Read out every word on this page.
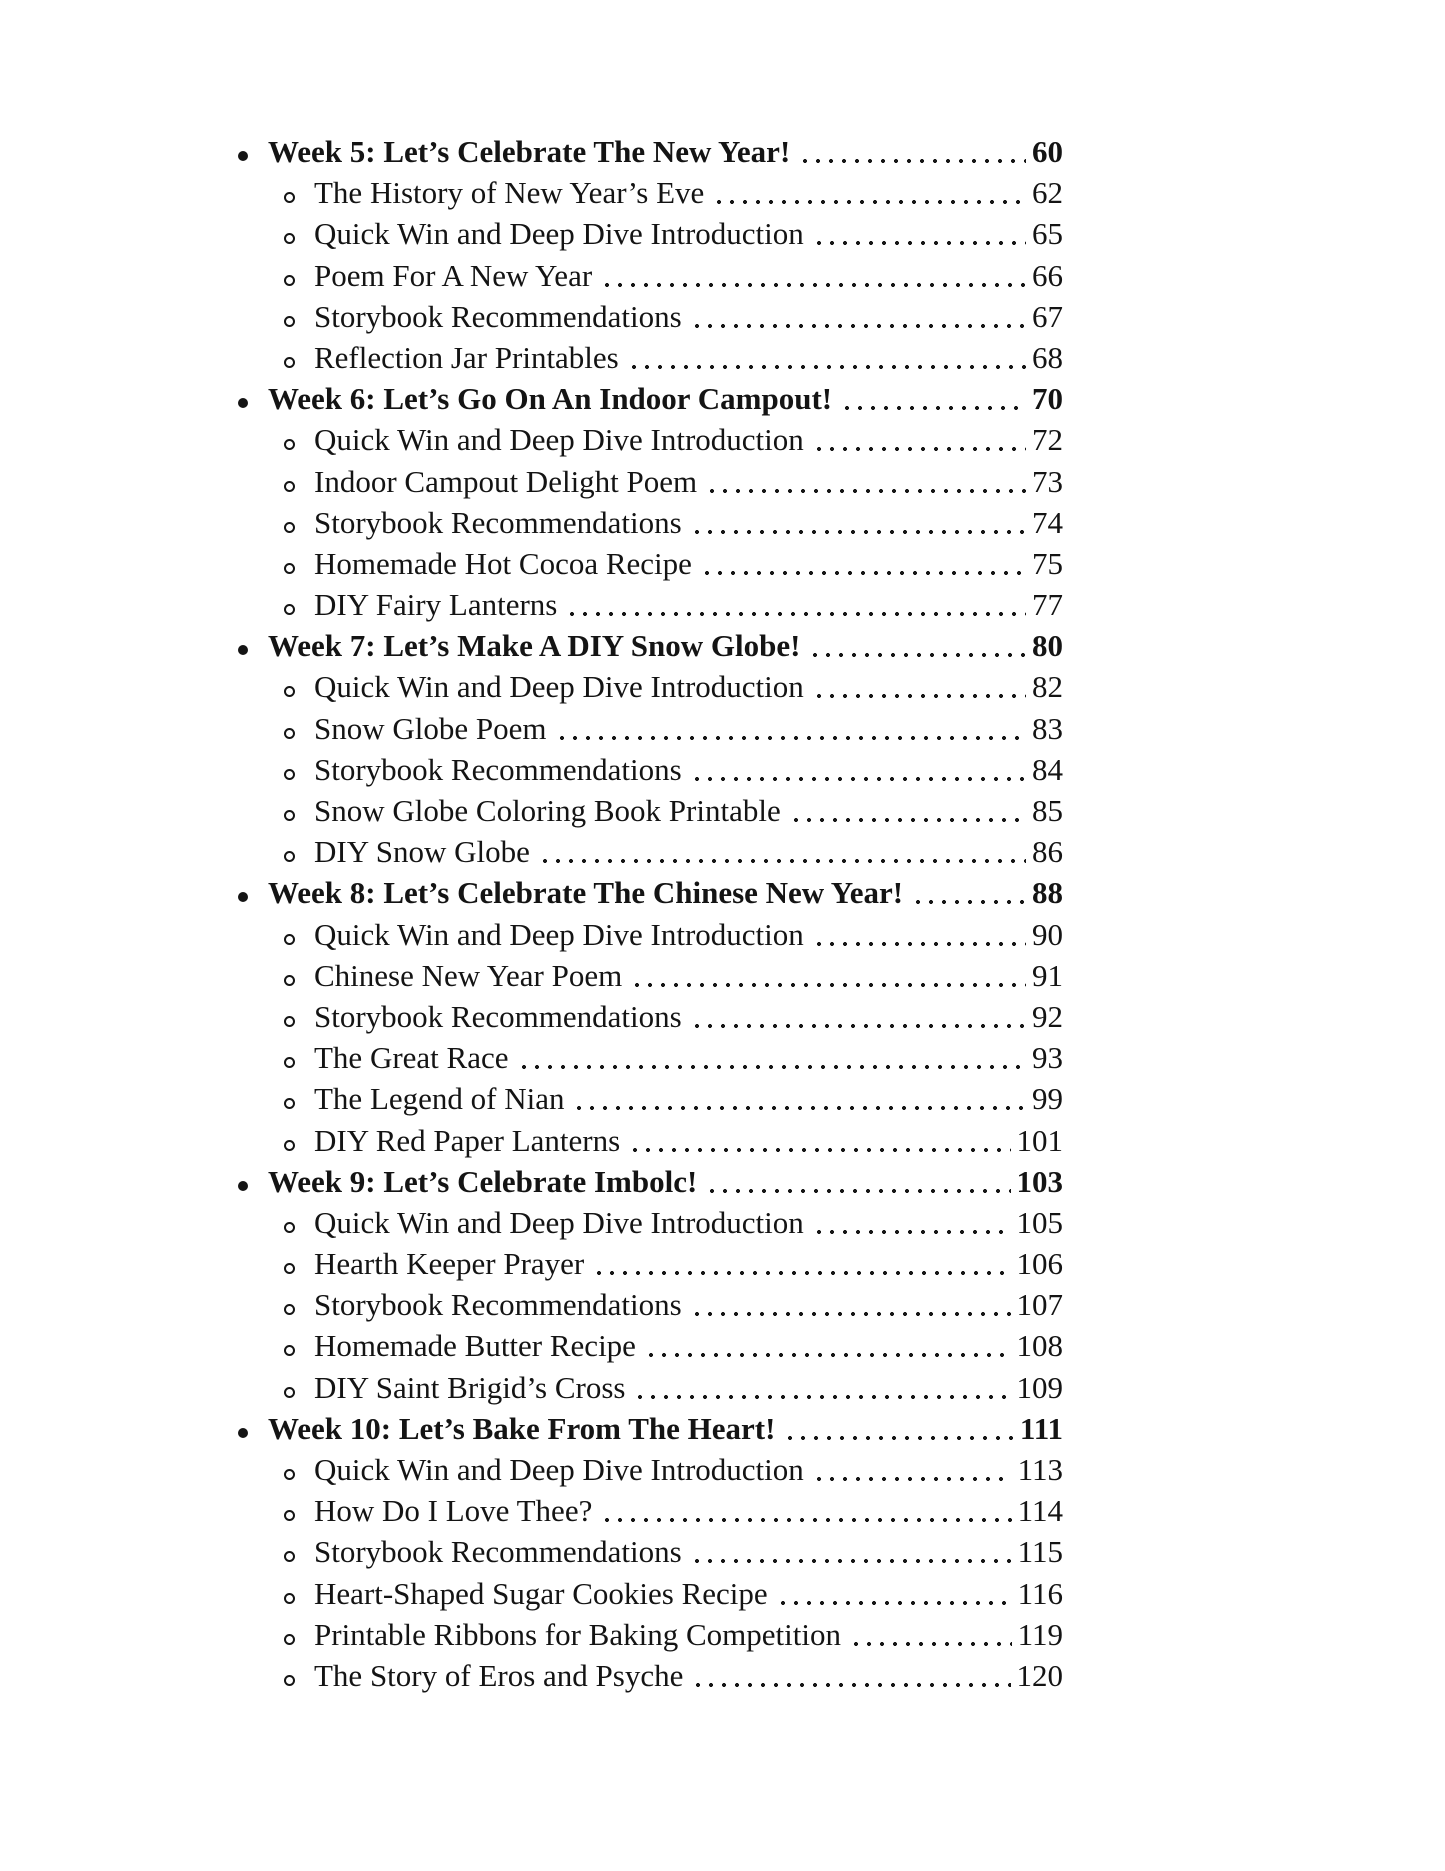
Week 5: Let’s Celebrate The New Year!	60
The History of New Year’s Eve	62
Quick Win and Deep Dive Introduction	65
Poem For A New Year	66
Storybook Recommendations	67
Reflection Jar Printables	68
Week 6: Let’s Go On An Indoor Campout!	70
Quick Win and Deep Dive Introduction	72
Indoor Campout Delight Poem	73
Storybook Recommendations	74
Homemade Hot Cocoa Recipe	75
DIY Fairy Lanterns	77
Week 7: Let’s Make A DIY Snow Globe!	80
Quick Win and Deep Dive Introduction	82
Snow Globe Poem	83
Storybook Recommendations	84
Snow Globe Coloring Book Printable	85
DIY Snow Globe	86
Week 8: Let’s Celebrate The Chinese New Year!	88
Quick Win and Deep Dive Introduction	90
Chinese New Year Poem	91
Storybook Recommendations	92
The Great Race	93
The Legend of Nian	99
DIY Red Paper Lanterns	101
Week 9: Let’s Celebrate Imbolc!	103
Quick Win and Deep Dive Introduction	105
Hearth Keeper Prayer	106
Storybook Recommendations	107
Homemade Butter Recipe	108
DIY Saint Brigid’s Cross	109
Week 10: Let’s Bake From The Heart!	111
Quick Win and Deep Dive Introduction	113
How Do I Love Thee?	114
Storybook Recommendations	115
Heart-Shaped Sugar Cookies Recipe	116
Printable Ribbons for Baking Competition	119
The Story of Eros and Psyche	120
